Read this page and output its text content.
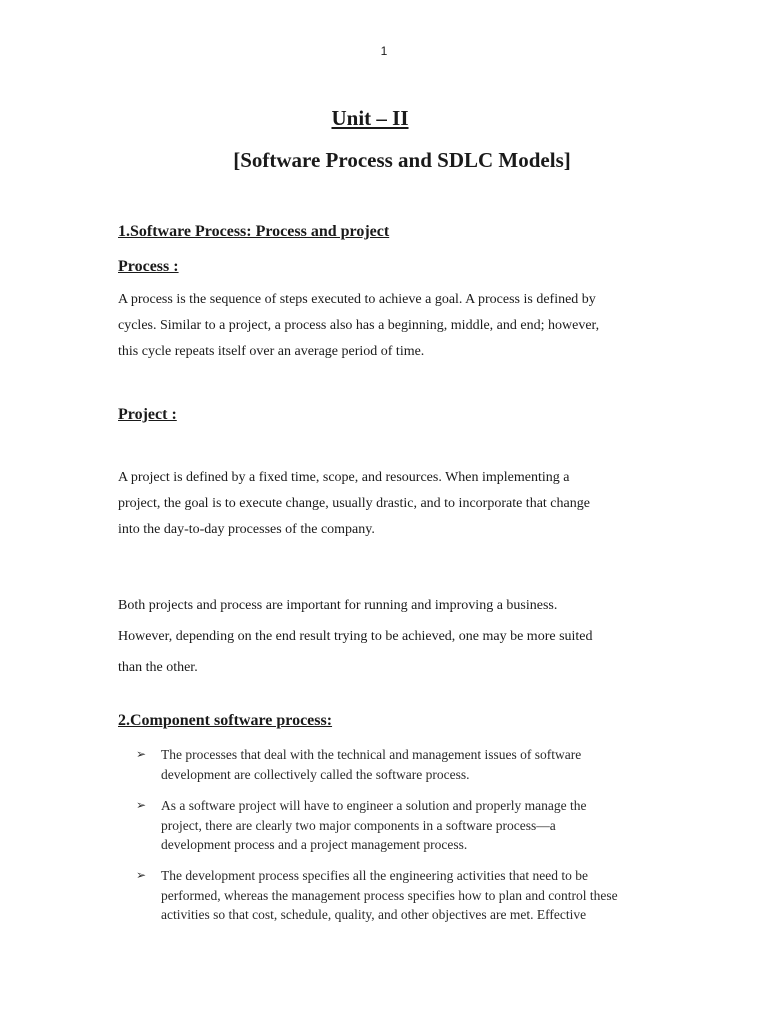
1
Unit – II
[Software Process and SDLC Models]
1.Software Process: Process and project
Process :
A process is the sequence of steps executed to achieve a goal. A process is defined by
cycles. Similar to a project, a process also has a beginning, middle, and end; however,
this cycle repeats itself over an average period of time.
Project :
A project is defined by a fixed time, scope, and resources. When implementing a
project, the goal is to execute change, usually drastic, and to incorporate that change
into the day-to-day processes of the company.
Both projects and process are important for running and improving a business.
However, depending on the end result trying to be achieved, one may be more suited
than the other.
2.Component software process:
➢ The processes that deal with the technical and management issues of software
development are collectively called the software process.
➢ As a software project will have to engineer a solution and properly manage the
project, there are clearly two major components in a software process—a
development process and a project management process.
➢ The development process specifies all the engineering activities that need to be
performed, whereas the management process specifies how to plan and control these
activities so that cost, schedule, quality, and other objectives are met. Effective
